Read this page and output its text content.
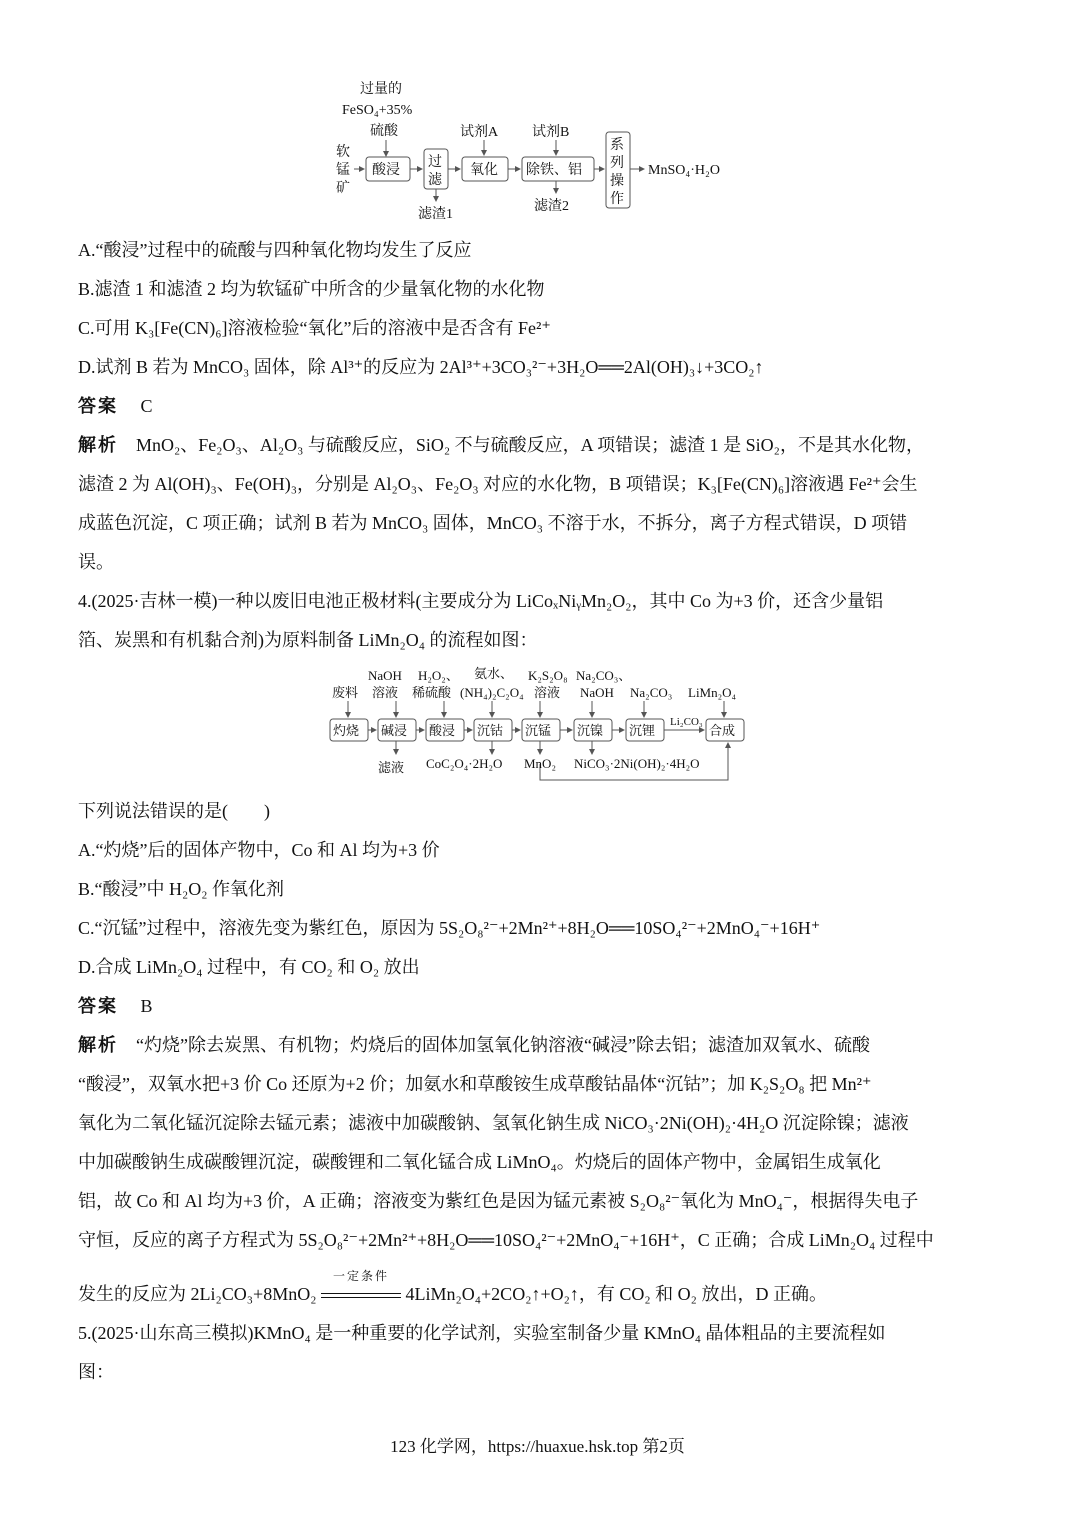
过量的
FeSO₄+35%
硫酸
软
锰
矿
酸浸
过
滤
滤渣1
试剂A
氧化
试剂B
除铁、铝
滤渣2
系
列
操
作
MnSO₄·H₂O
A.“酸浸”过程中的硫酸与四种氧化物均发生了反应
B.滤渣 1 和滤渣 2 均为软锰矿中所含的少量氧化物的水化物
C.可用 K₃[Fe(CN)₆]溶液检验“氧化”后的溶液中是否含有 Fe²⁺
D.试剂 B 若为 MnCO₃ 固体，除 Al³⁺的反应为 2Al³⁺+3CO₃²⁻+3H₂O══2Al(OH)₃↓+3CO₂↑
答案　 C
解析　 MnO₂、Fe₂O₃、Al₂O₃ 与硫酸反应，SiO₂ 不与硫酸反应，A 项错误；滤渣 1 是 SiO₂，不是其水化物，
滤渣 2 为 Al(OH)₃、Fe(OH)₃，分别是 Al₂O₃、Fe₂O₃ 对应的水化物，B 项错误；K₃[Fe(CN)₆]溶液遇 Fe²⁺会生
成蓝色沉淀，C 项正确；试剂 B 若为 MnCO₃ 固体，MnCO₃ 不溶于水，不拆分，离子方程式错误，D 项错
误。
4.(2025·吉林一模)一种以废旧电池正极材料(主要成分为 LiCoₓNiᵧMn₂O₂，其中 Co 为+3 价，还含少量铝
箔、炭黑和有机黏合剂)为原料制备 LiMn₂O₄ 的流程如图：
废料
NaOH
溶液
H₂O₂、
稀硫酸
氨水、
(NH₄)₂C₂O₄
K₂S₂O₈
溶液
Na₂CO₃、
NaOH Na₂CO₃ LiMn₂O₄
灼烧 碱浸 酸浸 沉钴 沉锰 沉镍 沉锂	合成
Li₂CO₃
滤液 CoC₂O₄·2H₂O MnO₂ NiCO₃·2Ni(OH)₂·4H₂O
下列说法错误的是(　　)
A.“灼烧”后的固体产物中，Co 和 Al 均为+3 价
B.“酸浸”中 H₂O₂ 作氧化剂
C.“沉锰”过程中，溶液先变为紫红色，原因为 5S₂O₈²⁻+2Mn²⁺+8H₂O══10SO₄²⁻+2MnO₄⁻+16H⁺
D.合成 LiMn₂O₄ 过程中，有 CO₂ 和 O₂ 放出
答案　 B
解析　 “灼烧”除去炭黑、有机物；灼烧后的固体加氢氧化钠溶液“碱浸”除去铝；滤渣加双氧水、硫酸
“酸浸”，双氧水把+3 价 Co 还原为+2 价；加氨水和草酸铵生成草酸钴晶体“沉钴”；加 K₂S₂O₈ 把 Mn²⁺
氧化为二氧化锰沉淀除去锰元素；滤液中加碳酸钠、氢氧化钠生成 NiCO₃·2Ni(OH)₂·4H₂O 沉淀除镍；滤液
中加碳酸钠生成碳酸锂沉淀，碳酸锂和二氧化锰合成 LiMnO₄。灼烧后的固体产物中，金属铝生成氧化
铝，故 Co 和 Al 均为+3 价，A 正确；溶液变为紫红色是因为锰元素被 S₂O₈²⁻氧化为 MnO₄⁻，根据得失电子
守恒，反应的离子方程式为 5S₂O₈²⁻+2Mn²⁺+8H₂O══10SO₄²⁻+2MnO₄⁻+16H⁺，C 正确；合成 LiMn₂O₄ 过程中
发生的反应为 2Li₂CO₃+8MnO₂
一定条件
4LiMn₂O₄+2CO₂↑+O₂↑，有 CO₂ 和 O₂ 放出，D 正确。
5.(2025·山东高三模拟)KMnO₄ 是一种重要的化学试剂，实验室制备少量 KMnO₄ 晶体粗品的主要流程如
图：
123 化学网，https://huaxue.hsk.top 第2页
